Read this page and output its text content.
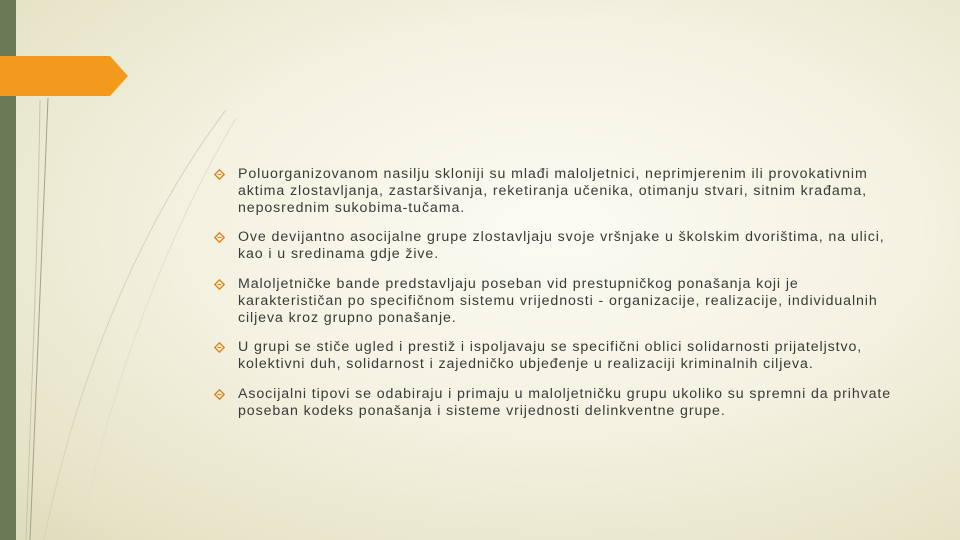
Poluorganizovanom nasilju skloniji su mlađi maloljetnici, neprimjerenim ili provokativnim aktima zlostavljanja, zastaršivanja, reketiranja učenika, otimanju stvari, sitnim krađama, neposrednim sukobima-tučama.
Ove devijantno asocijalne grupe zlostavljaju svoje vršnjake u školskim dvorištima, na ulici, kao i u sredinama gdje žive.
Maloljetničke bande predstavljaju poseban vid prestupničkog ponašanja koji je karakterističan po specifičnom sistemu vrijednosti - organizacije, realizacije, individualnih ciljeva kroz grupno ponašanje.
U grupi se stiče ugled i prestiž i ispoljavaju se specifični oblici solidarnosti prijateljstvo, kolektivni duh, solidarnost i zajedničko ubjeđenje u realizaciji kriminalnih ciljeva.
Asocijalni tipovi se odabiraju i primaju u maloljetničku grupu ukoliko su spremni da prihvate poseban kodeks ponašanja i sisteme vrijednosti delinkventne grupe.
